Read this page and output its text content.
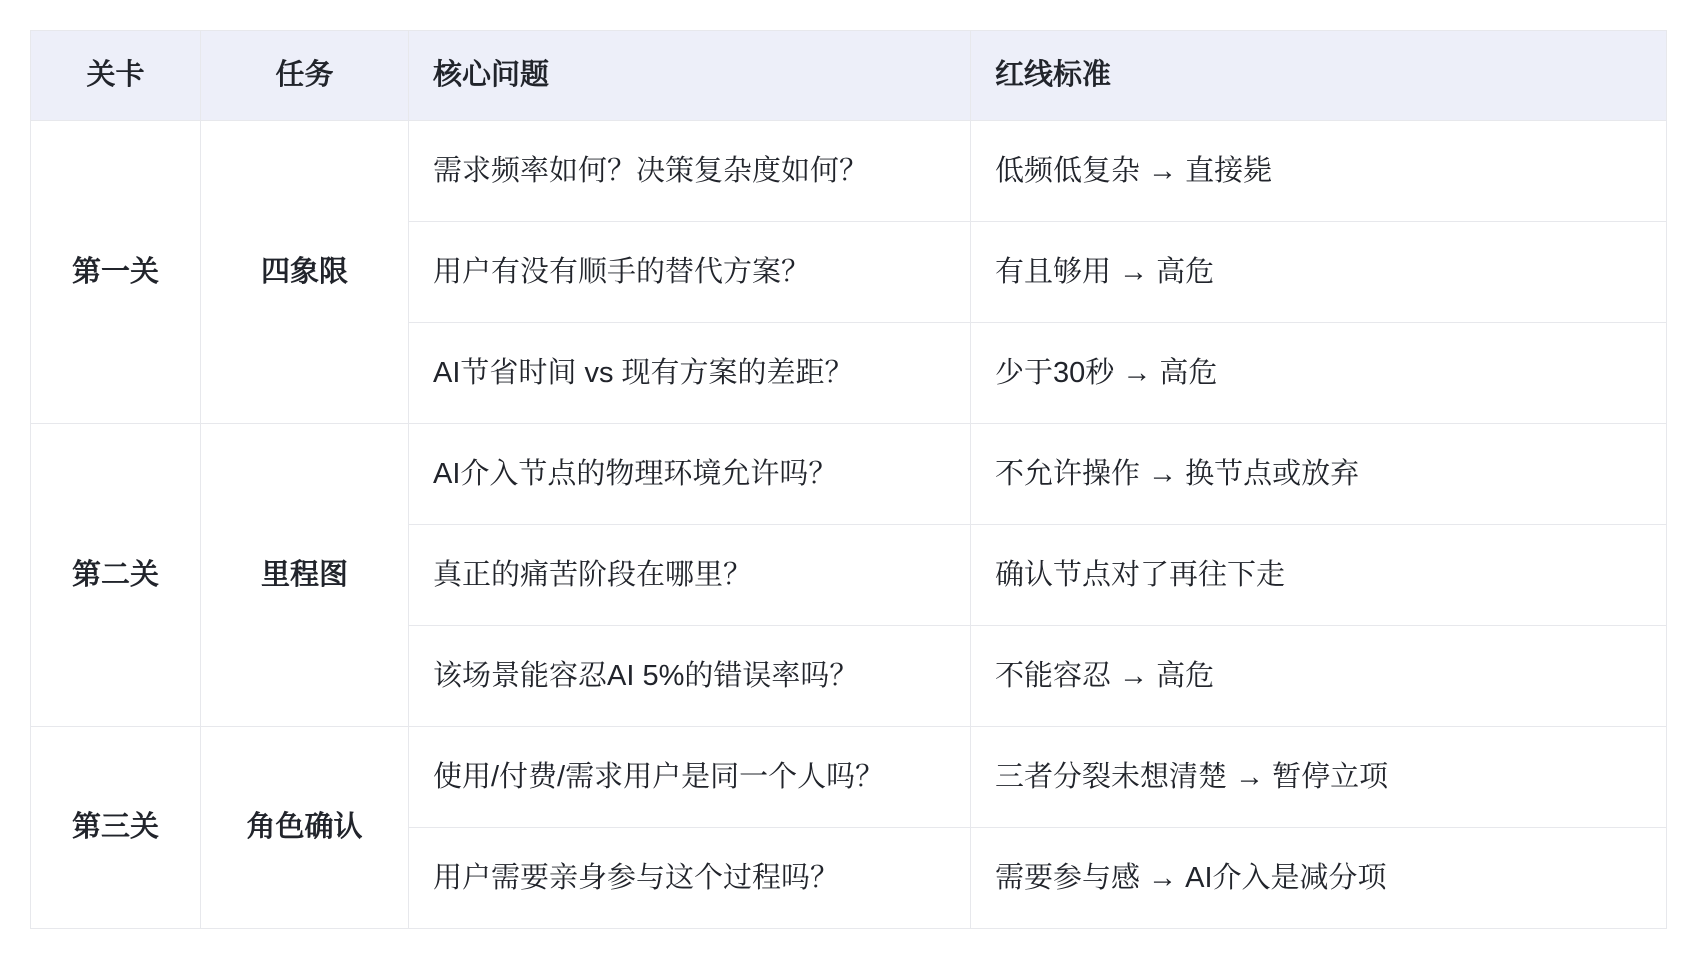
关卡	任务	核心问题	红线标准
第一关	四象限	需求频率如何？决策复杂度如何？	低频低复杂 → 直接毙
		用户有没有顺手的替代方案？	有且够用 → 高危
		AI节省时间 vs 现有方案的差距？	少于30秒 → 高危
第二关	里程图	AI介入节点的物理环境允许吗？	不允许操作 → 换节点或放弃
		真正的痛苦阶段在哪里？	确认节点对了再往下走
		该场景能容忍AI 5%的错误率吗？	不能容忍 → 高危
第三关	角色确认	使用/付费/需求用户是同一个人吗？	三者分裂未想清楚 → 暂停立项
		用户需要亲身参与这个过程吗？	需要参与感 → AI介入是减分项
